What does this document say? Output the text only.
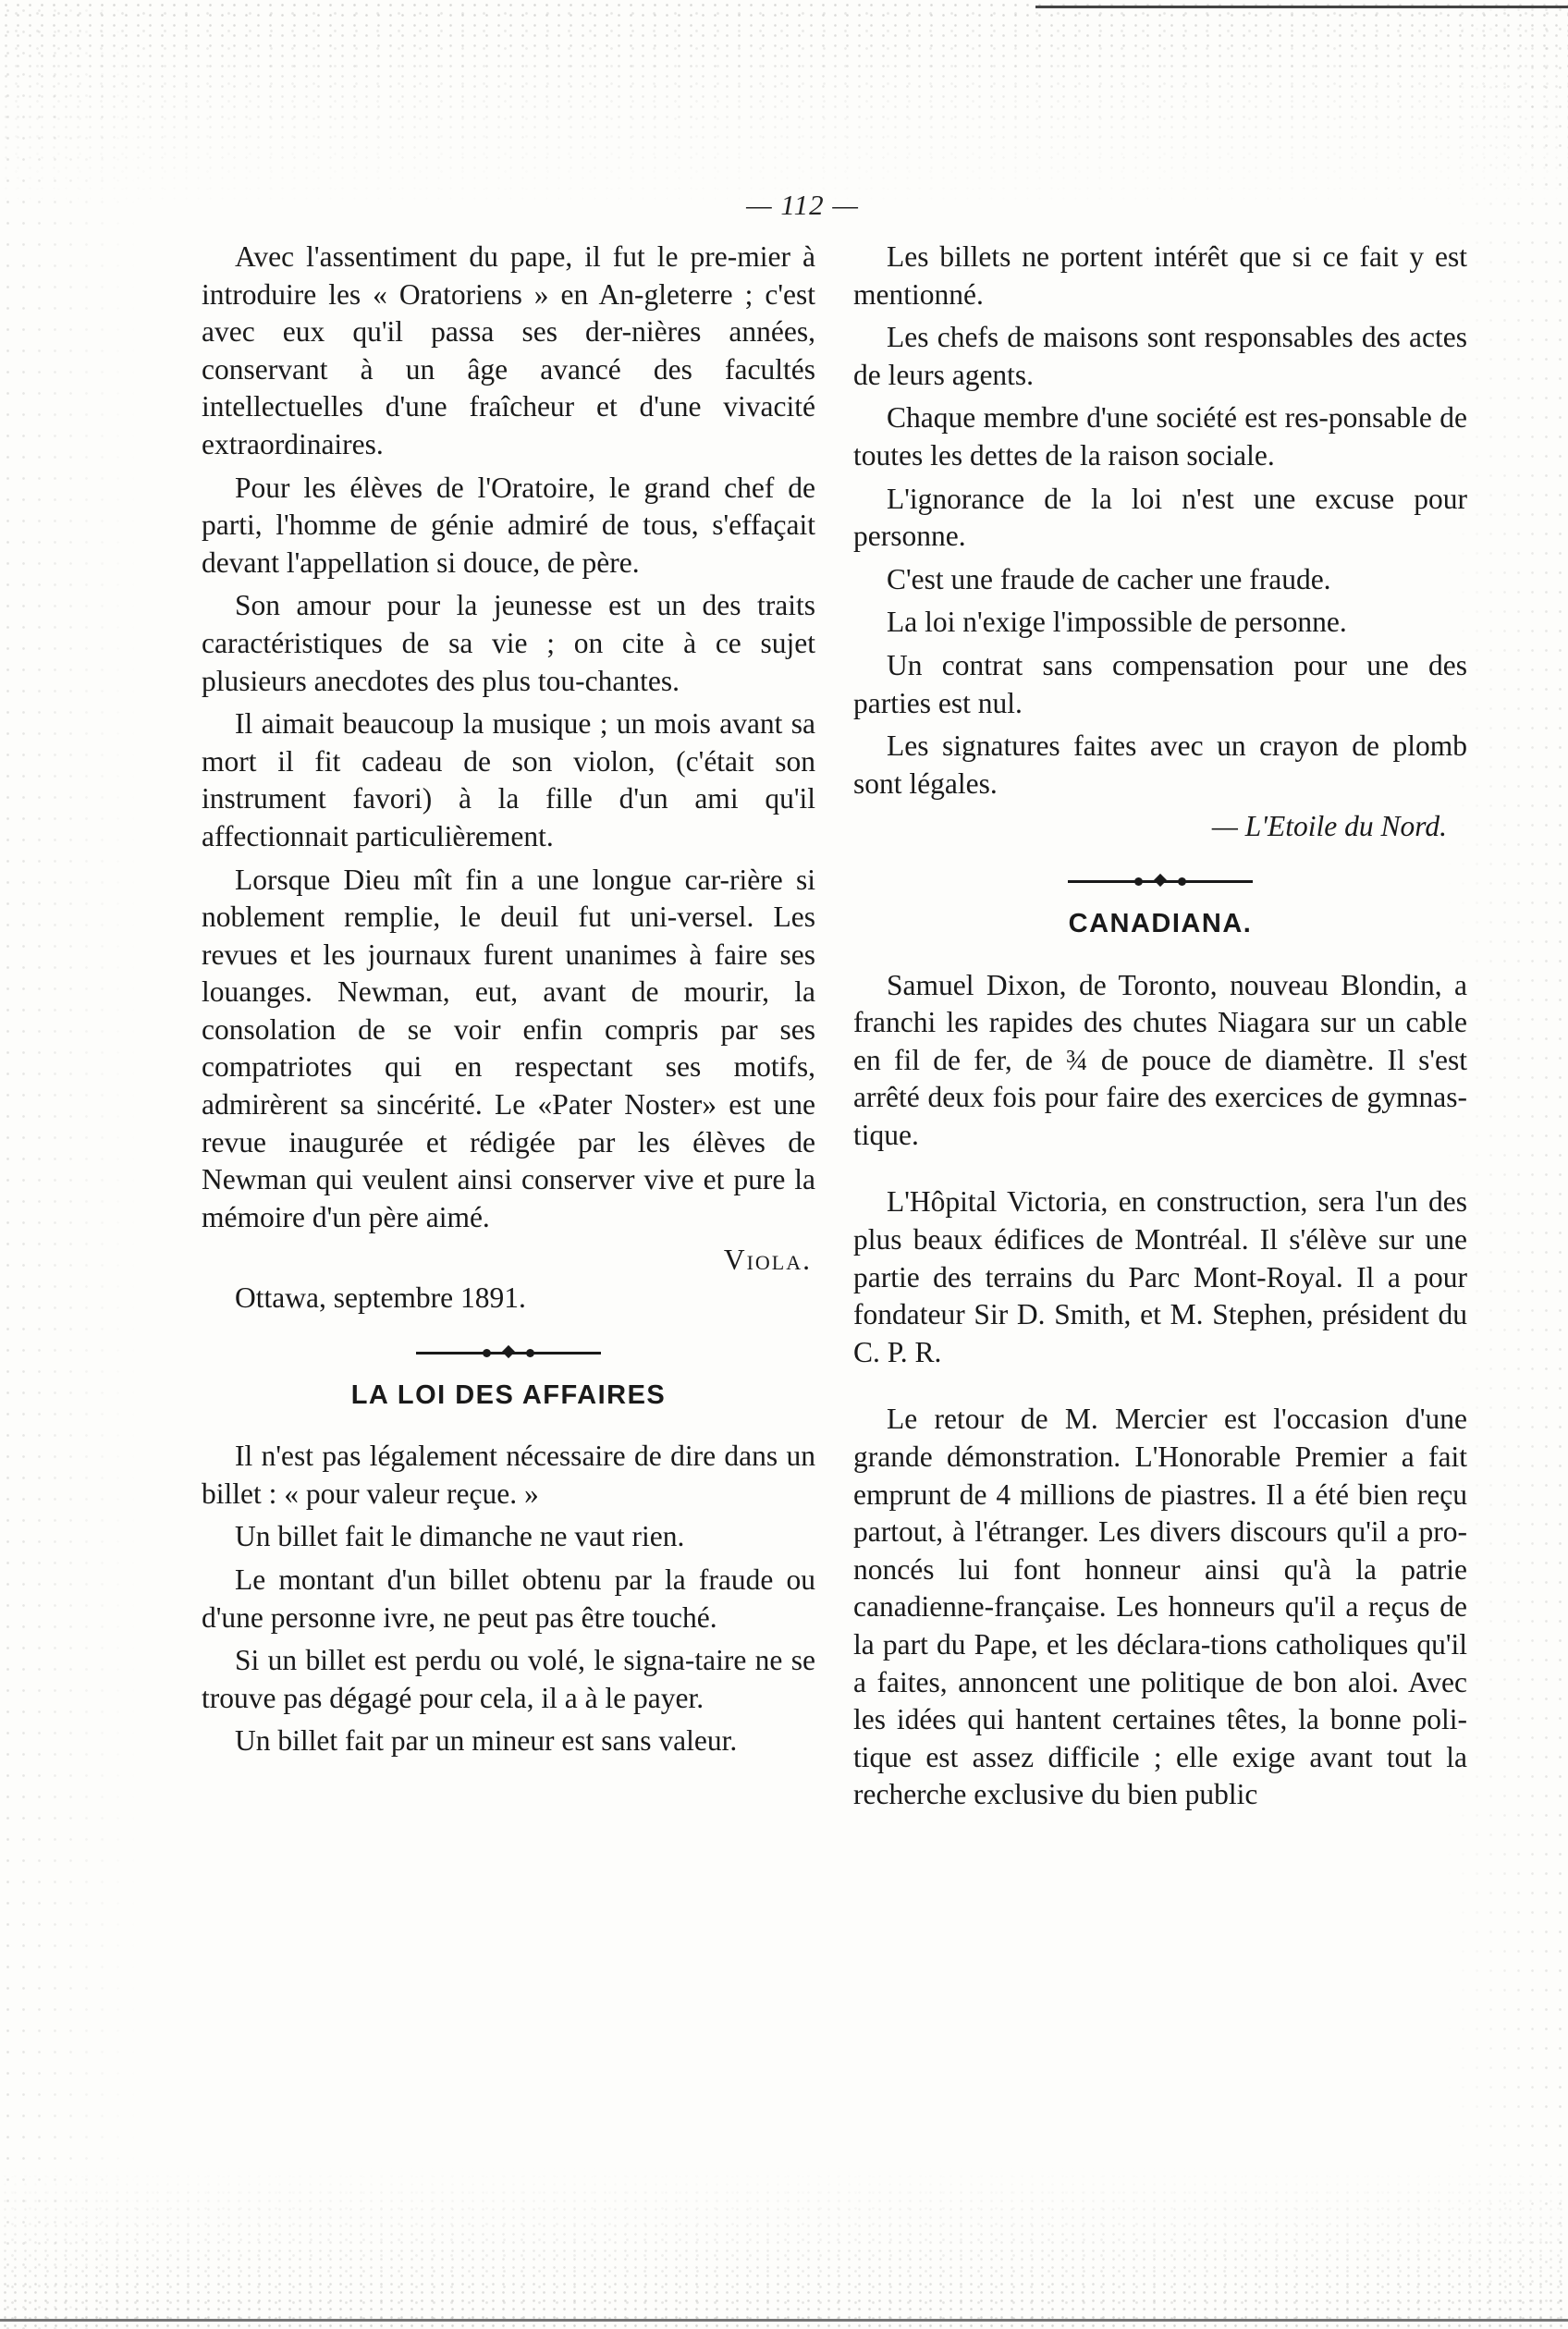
— 112 —

Avec l'assentiment du pape, il fut le pre-mier à introduire les « Oratoriens » en An-gleterre ; c'est avec eux qu'il passa ses der-nières années, conservant à un âge avancé des facultés intellectuelles d'une fraîcheur et d'une vivacité extraordinaires.

Pour les élèves de l'Oratoire, le grand chef de parti, l'homme de génie admiré de tous, s'effaçait devant l'appellation si douce, de père.

Son amour pour la jeunesse est un des traits caractéristiques de sa vie ; on cite à ce sujet plusieurs anecdotes des plus tou-chantes.

Il aimait beaucoup la musique ; un mois avant sa mort il fit cadeau de son violon, (c'était son instrument favori) à la fille d'un ami qu'il affectionnait particulièrement.

Lorsque Dieu mît fin a une longue car-rière si noblement remplie, le deuil fut uni-versel. Les revues et les journaux furent unanimes à faire ses louanges. Newman, eut, avant de mourir, la consolation de se voir enfin compris par ses compatriotes qui en respectant ses motifs, admirèrent sa sincérité. Le «Pater Noster» est une revue inaugurée et rédigée par les élèves de Newman qui veulent ainsi conserver vive et pure la mémoire d'un père aimé.

Viola.

Ottawa, septembre 1891.

LA LOI DES AFFAIRES

Il n'est pas légalement nécessaire de dire dans un billet : « pour valeur reçue. »

Un billet fait le dimanche ne vaut rien.

Le montant d'un billet obtenu par la fraude ou d'une personne ivre, ne peut pas être touché.

Si un billet est perdu ou volé, le signa-taire ne se trouve pas dégagé pour cela, il a à le payer.

Un billet fait par un mineur est sans valeur.

Les billets ne portent intérêt que si ce fait y est mentionné.

Les chefs de maisons sont responsables des actes de leurs agents.

Chaque membre d'une société est res-ponsable de toutes les dettes de la raison sociale.

L'ignorance de la loi n'est une excuse pour personne.

C'est une fraude de cacher une fraude.

La loi n'exige l'impossible de personne.

Un contrat sans compensation pour une des parties est nul.

Les signatures faites avec un crayon de plomb sont légales.

— L'Etoile du Nord.

CANADIANA.

Samuel Dixon, de Toronto, nouveau Blondin, a franchi les rapides des chutes Niagara sur un cable en fil de fer, de ¾ de pouce de diamètre. Il s'est arrêté deux fois pour faire des exercices de gymnas-tique.

L'Hôpital Victoria, en construction, sera l'un des plus beaux édifices de Montréal. Il s'élève sur une partie des terrains du Parc Mont-Royal. Il a pour fondateur Sir D. Smith, et M. Stephen, président du C. P. R.

Le retour de M. Mercier est l'occasion d'une grande démonstration. L'Honorable Premier a fait emprunt de 4 millions de piastres. Il a été bien reçu partout, à l'étranger. Les divers discours qu'il a pro-noncés lui font honneur ainsi qu'à la patrie canadienne-française. Les honneurs qu'il a reçus de la part du Pape, et les déclara-tions catholiques qu'il a faites, annoncent une politique de bon aloi. Avec les idées qui hantent certaines têtes, la bonne poli-tique est assez difficile ; elle exige avant tout la recherche exclusive du bien public
